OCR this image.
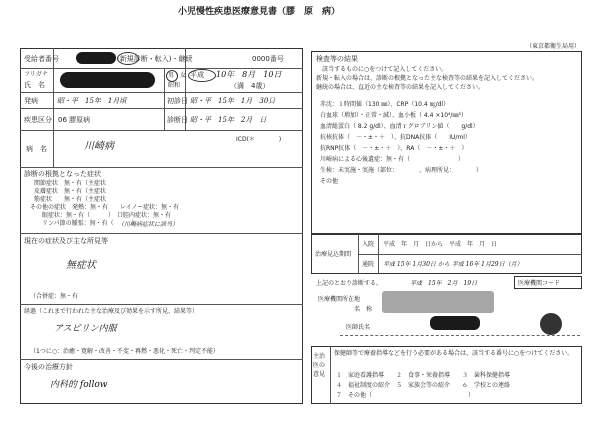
小児慢性疾患医療意見書（膠　原　病）
（東京都衛生局用）
受給者番号	(新規診断・転入)・継続	0000番号
フリガナ
氏　名
男・女
昭和
平成 10年　8月　10日
（満　4歳）
発病	昭・平　15年　1月頃	初診日 昭・平　15年　1月　30日
疾患区分 06 膠原病	診断日 昭・平　15年　2月　日
病　名	川崎病
ICD(＊　　　　)
診断の根拠となった症状
関節症状　無・有（主症状
皮膚症状　無・有（主症状
筋症状　　無・有（主症状
その他の症状　発熱：無・有　　レイノー症状：無・有
　　眼症状：無・有（　　　）　口腔内症状：無・有
　　リンパ節の腫張：無・有（　　　）
（川崎病症状に該当）
現在の症状及び主な所見等
無症状
（合併症：無・有
経過（これまで行われた主な治療及び効果を示す所見、結果等）
アスピリン内服
（1つに○：治癒・寛解・改善・不変・再燃・悪化・死亡・判定不能）
今後の治療方針
内科的 follow
検査等の結果
該当するものに○をつけて記入してください。
新規・転入の場合は、診断の根拠となった主な検査等の結果を記入してください。
継続の場合は、直近の主な検査等の結果を記入してください。
赤沈：１時間値（130 ㎜）、CRP（10.4 ㎎/dl）
白血球（増加）・正常・減）、血小板（ 4.4 ×10⁴/㎜³）
血清総蛋白（ 8.2 g/dl）、血清ｒグロブリン値（　　g/dl）
抗核抗体（　－・±・＋　）、抗DNA抗体（　　IU/ml）
抗RNP抗体（　－・±・＋　）、RA（　－・±・＋　）
川崎病による心後遺症：無・有（　　　　　　　　）
生検：未実施・実施（部位：　　　　、病理所見：　　　　）
その他
治療見込期間
入院 平成　年　月　日から　平成　年　月　日
通院 平成 15年 1月30日 から 平成 16年 1月29日（月）
上記のとおり診断する。	平成　15年　2月　19日	医療機関コード
医療機関所在地
名　称
医師氏名
主治医の意見
保健師等で療養指導などを行う必要がある場合は、該当する番号に○をつけてください。
１　家庭看護指導　　２　食事・栄養指導　　３　歯科保健指導
４　福祉制度の紹介　５　家族会等の紹介　　６　学校との連絡
７　その他（　　　　　　　　　　　　　　　　）
